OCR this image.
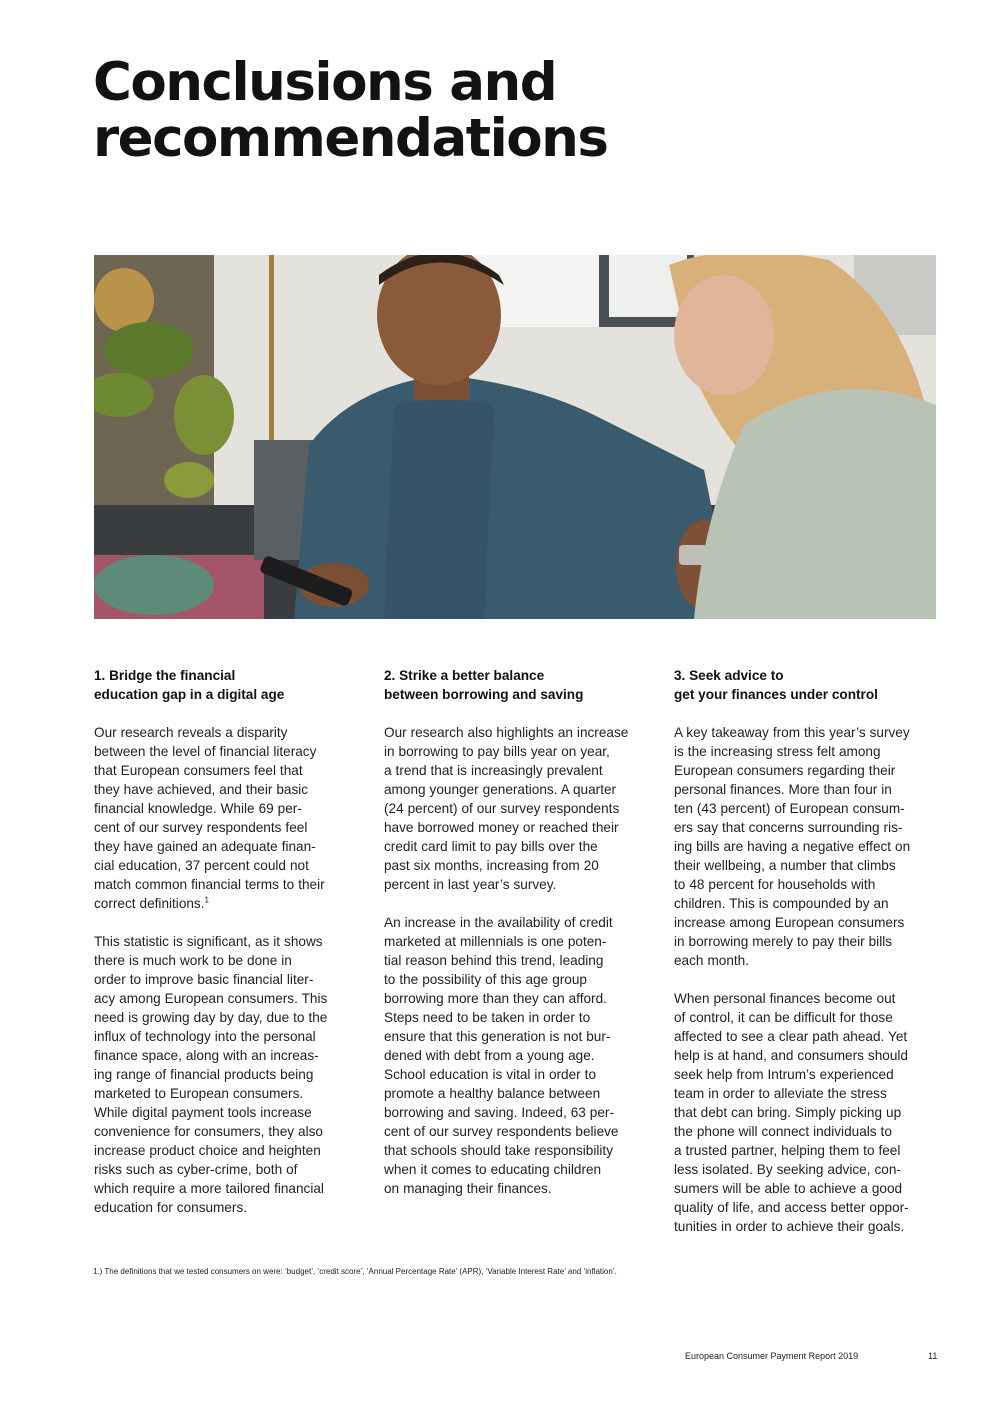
Conclusions and
recommendations
1. Bridge the financial
education gap in a digital age

Our research reveals a disparity
between the level of financial literacy
that European consumers feel that
they have achieved, and their basic
financial knowledge. While 69 per-
cent of our survey respondents feel
they have gained an adequate finan-
cial education, 37 percent could not
match common financial terms to their
correct definitions.$^1$

This statistic is significant, as it shows
there is much work to be done in
order to improve basic financial liter-
acy among European consumers. This
need is growing day by day, due to the
influx of technology into the personal
finance space, along with an increas-
ing range of financial products being
marketed to European consumers.
While digital payment tools increase
convenience for consumers, they also
increase product choice and heighten
risks such as cyber-crime, both of
which require a more tailored financial
education for consumers.

2. Strike a better balance
between borrowing and saving

Our research also highlights an increase
in borrowing to pay bills year on year,
a trend that is increasingly prevalent
among younger generations. A quarter
(24 percent) of our survey respondents
have borrowed money or reached their
credit card limit to pay bills over the
past six months, increasing from 20
percent in last year’s survey.

An increase in the availability of credit
marketed at millennials is one poten-
tial reason behind this trend, leading
to the possibility of this age group
borrowing more than they can afford.
Steps need to be taken in order to
ensure that this generation is not bur-
dened with debt from a young age.
School education is vital in order to
promote a healthy balance between
borrowing and saving. Indeed, 63 per-
cent of our survey respondents believe
that schools should take responsibility
when it comes to educating children
on managing their finances.

3. Seek advice to
get your finances under control

A key takeaway from this year’s survey
is the increasing stress felt among
European consumers regarding their
personal finances. More than four in
ten (43 percent) of European consum-
ers say that concerns surrounding ris-
ing bills are having a negative effect on
their wellbeing, a number that climbs
to 48 percent for households with
children. This is compounded by an
increase among European consumers
in borrowing merely to pay their bills
each month.

When personal finances become out
of control, it can be difficult for those
affected to see a clear path ahead. Yet
help is at hand, and consumers should
seek help from Intrum’s experienced
team in order to alleviate the stress
that debt can bring. Simply picking up
the phone will connect individuals to
a trusted partner, helping them to feel
less isolated. By seeking advice, con-
sumers will be able to achieve a good
quality of life, and access better oppor-
tunities in order to achieve their goals.

1.) The definitions that we tested consumers on were: ‘budget’, ‘credit score’, ‘Annual Percentage Rate’ (APR), ‘Variable Interest Rate’ and ‘inflation’.
European Consumer Payment Report 2019	11
